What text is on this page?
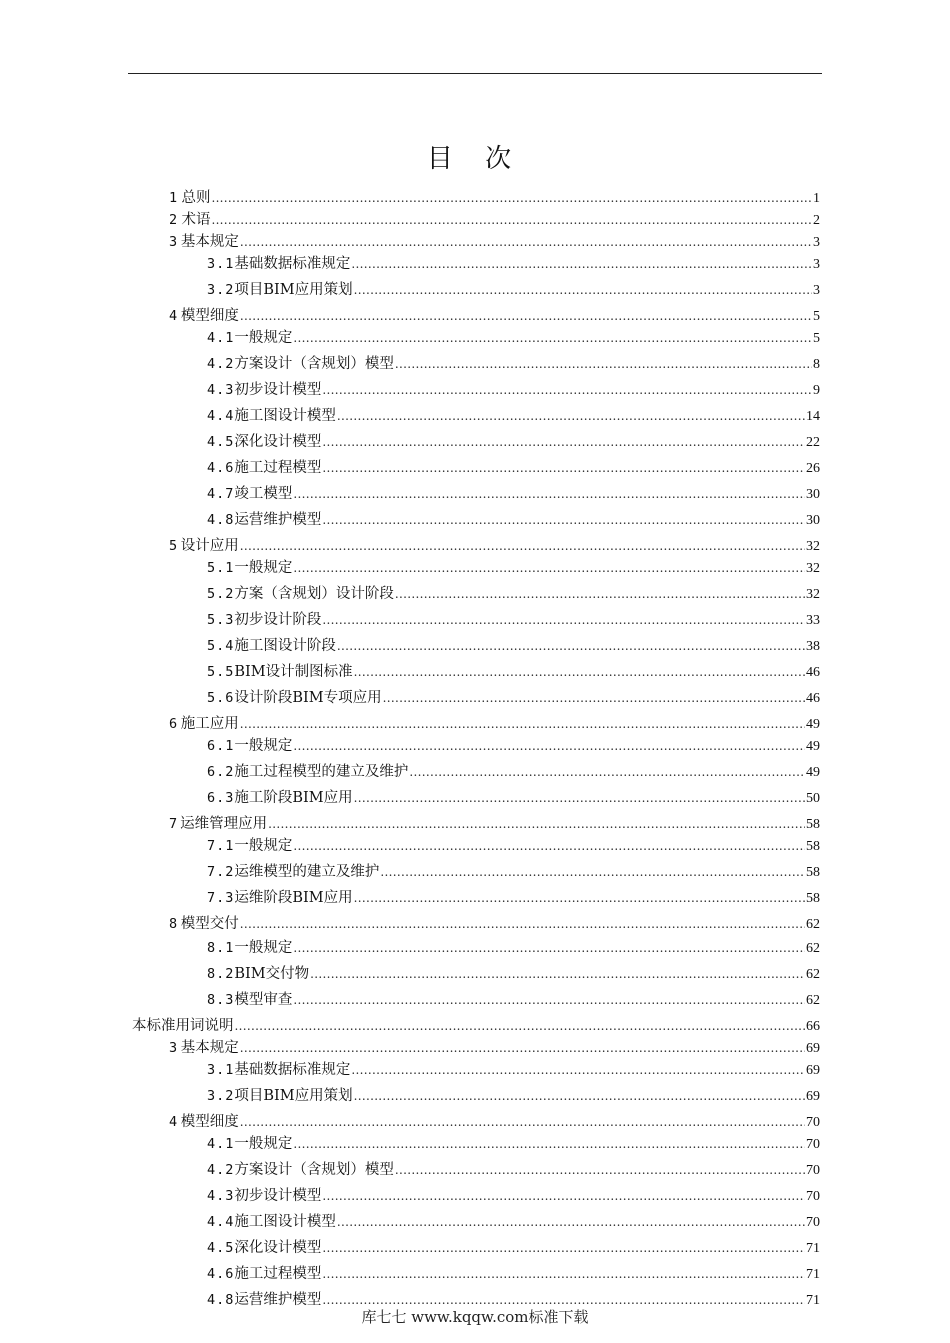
目 次
1 总则 .....	1
2 术语 .....	2
3 基本规定 .....	3
3.1 基础数据标准规定 .....	3
3.2 项目BIM应用策划 .....	3
4 模型细度 .....	5
4.1 一般规定 .....	5
4.2 方案设计（含规划）模型 .....	8
4.3 初步设计模型 .....	9
4.4 施工图设计模型 .....	14
4.5 深化设计模型 .....	22
4.6 施工过程模型 .....	26
4.7 竣工模型 .....	30
4.8 运营维护模型 .....	30
5 设计应用 .....	32
5.1 一般规定 .....	32
5.2 方案（含规划）设计阶段 .....	32
5.3 初步设计阶段 .....	33
5.4 施工图设计阶段 .....	38
5.5 BIM设计制图标准 .....	46
5.6 设计阶段BIM专项应用 .....	46
6 施工应用 .....	49
6.1 一般规定 .....	49
6.2 施工过程模型的建立及维护 .....	49
6.3 施工阶段BIM应用 .....	50
7 运维管理应用 .....	58
7.1 一般规定 .....	58
7.2 运维模型的建立及维护 .....	58
7.3 运维阶段BIM应用 .....	58
8 模型交付 .....	62
8.1 一般规定 .....	62
8.2 BIM交付物 .....	62
8.3 模型审查 .....	62
本标准用词说明 .....	66
3 基本规定 .....	69
3.1 基础数据标准规定 .....	69
3.2 项目BIM应用策划 .....	69
4 模型细度 .....	70
4.1 一般规定 .....	70
4.2 方案设计（含规划）模型 .....	70
4.3 初步设计模型 .....	70
4.4 施工图设计模型 .....	70
4.5 深化设计模型 .....	71
4.6 施工过程模型 .....	71
4.8 运营维护模型 .....	71
库七七 www.kqqw.com标准下载
